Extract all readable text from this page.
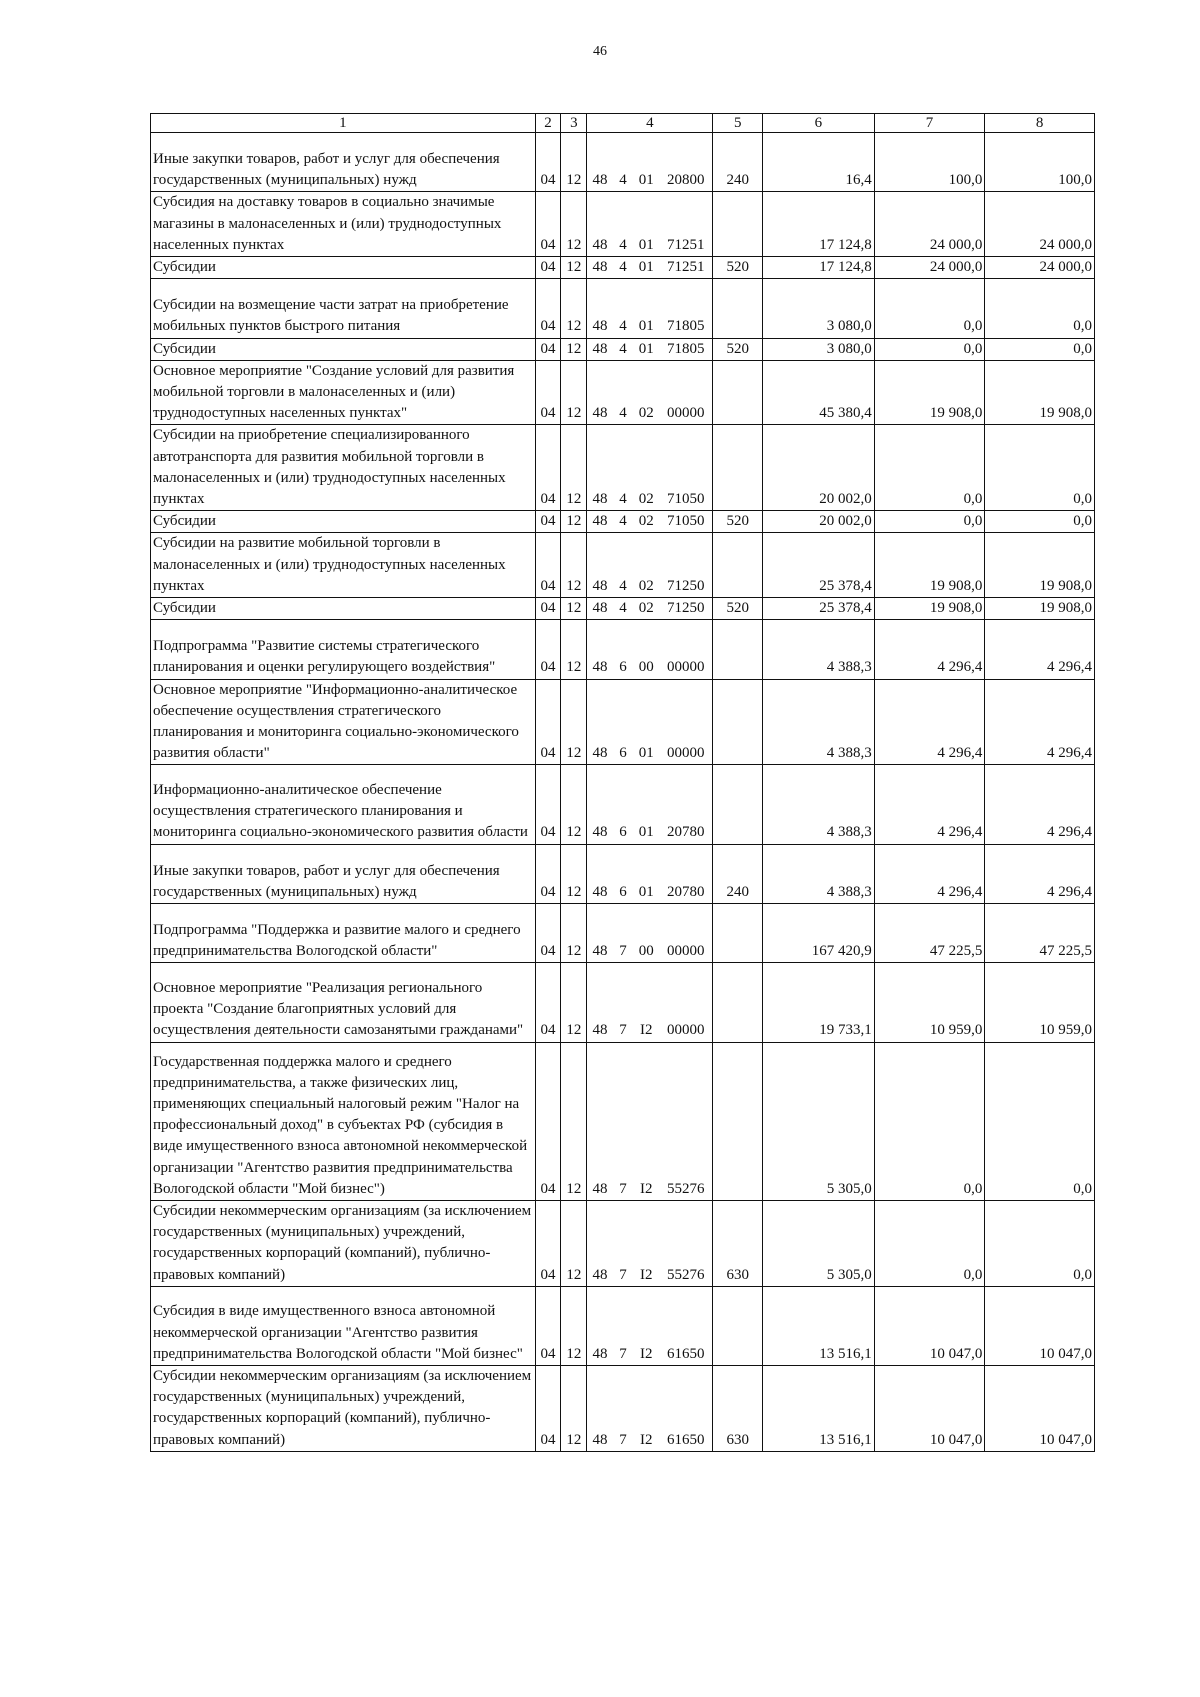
46
1	2	3	4				5	6	7	8
Иные закупки товаров, работ и услуг для обеспечения государственных (муниципальных) нужд	04	12	48	4	01	20800	240	16,4	100,0	100,0
Субсидия на доставку товаров в социально значимые магазины в малонаселенных и (или) труднодоступных населенных пунктах	04	12	48	4	01	71251		17 124,8	24 000,0	24 000,0
Субсидии	04	12	48	4	01	71251	520	17 124,8	24 000,0	24 000,0
Субсидии на возмещение части затрат на приобретение мобильных пунктов быстрого питания	04	12	48	4	01	71805		3 080,0	0,0	0,0
Субсидии	04	12	48	4	01	71805	520	3 080,0	0,0	0,0
Основное мероприятие "Создание условий для развития мобильной торговли в малонаселенных и (или) труднодоступных населенных пунктах"	04	12	48	4	02	00000		45 380,4	19 908,0	19 908,0
Субсидии на приобретение специализированного автотранспорта для развития мобильной торговли в малонаселенных и (или) труднодоступных населенных пунктах	04	12	48	4	02	71050		20 002,0	0,0	0,0
Субсидии	04	12	48	4	02	71050	520	20 002,0	0,0	0,0
Субсидии на развитие мобильной торговли в малонаселенных и (или) труднодоступных населенных пунктах	04	12	48	4	02	71250		25 378,4	19 908,0	19 908,0
Субсидии	04	12	48	4	02	71250	520	25 378,4	19 908,0	19 908,0
Подпрограмма "Развитие системы стратегического планирования и оценки регулирующего воздействия"	04	12	48	6	00	00000		4 388,3	4 296,4	4 296,4
Основное мероприятие "Информационно-аналитическое обеспечение осуществления стратегического планирования и мониторинга социально-экономического развития области"	04	12	48	6	01	00000		4 388,3	4 296,4	4 296,4
Информационно-аналитическое обеспечение осуществления стратегического планирования и мониторинга социально-экономического развития области	04	12	48	6	01	20780		4 388,3	4 296,4	4 296,4
Иные закупки товаров, работ и услуг для обеспечения государственных (муниципальных) нужд	04	12	48	6	01	20780	240	4 388,3	4 296,4	4 296,4
Подпрограмма "Поддержка и развитие малого и среднего предпринимательства Вологодской области"	04	12	48	7	00	00000		167 420,9	47 225,5	47 225,5
Основное мероприятие "Реализация регионального проекта "Создание благоприятных условий для осуществления деятельности самозанятыми гражданами"	04	12	48	7	I2	00000		19 733,1	10 959,0	10 959,0
Государственная поддержка малого и среднего предпринимательства, а также физических лиц, применяющих специальный налоговый режим "Налог на профессиональный доход" в субъектах РФ (субсидия в виде имущественного взноса автономной некоммерческой организации "Агентство развития предпринимательства Вологодской области "Мой бизнес")	04	12	48	7	I2	55276		5 305,0	0,0	0,0
Субсидии некоммерческим организациям (за исключением государственных (муниципальных) учреждений, государственных корпораций (компаний), публично-правовых компаний)	04	12	48	7	I2	55276	630	5 305,0	0,0	0,0
Субсидия в виде имущественного взноса автономной некоммерческой организации "Агентство развития предпринимательства Вологодской области "Мой бизнес"	04	12	48	7	I2	61650		13 516,1	10 047,0	10 047,0
Субсидии некоммерческим организациям (за исключением государственных (муниципальных) учреждений, государственных корпораций (компаний), публично-правовых компаний)	04	12	48	7	I2	61650	630	13 516,1	10 047,0	10 047,0
